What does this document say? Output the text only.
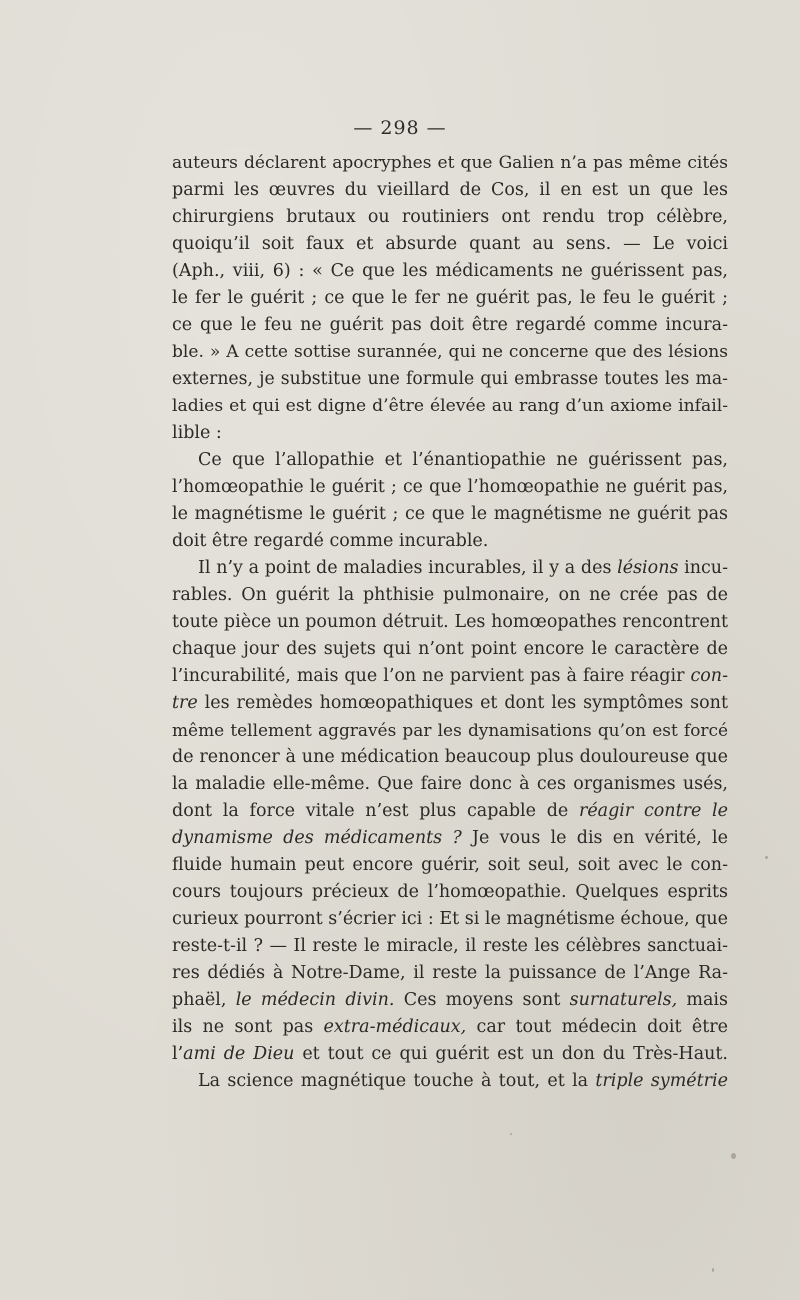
— 298 —
auteurs déclarent apocryphes et que Galien n’a pas même cités
parmi les œuvres du vieillard de Cos, il en est un que les
chirurgiens brutaux ou routiniers ont rendu trop célèbre,
quoiqu’il soit faux et absurde quant au sens. — Le voici
(Aph., viii, 6) : « Ce que les médicaments ne guérissent pas,
le fer le guérit ; ce que le fer ne guérit pas, le feu le guérit ;
ce que le feu ne guérit pas doit être regardé comme incura-
ble. » A cette sottise surannée, qui ne concerne que des lésions
externes, je substitue une formule qui embrasse toutes les ma-
ladies et qui est digne d’être élevée au rang d’un axiome infail-
lible :
Ce que l’allopathie et l’énantiopathie ne guérissent pas,
l’homœopathie le guérit ; ce que l’homœopathie ne guérit pas,
le magnétisme le guérit ; ce que le magnétisme ne guérit pas
doit être regardé comme incurable.
Il n’y a point de maladies incurables, il y a des lésions incu-
rables. On guérit la phthisie pulmonaire, on ne crée pas de
toute pièce un poumon détruit. Les homœopathes rencontrent
chaque jour des sujets qui n’ont point encore le caractère de
l’incurabilité, mais que l’on ne parvient pas à faire réagir con-
tre les remèdes homœopathiques et dont les symptômes sont
même tellement aggravés par les dynamisations qu’on est forcé
de renoncer à une médication beaucoup plus douloureuse que
la maladie elle-même. Que faire donc à ces organismes usés,
dont la force vitale n’est plus capable de réagir contre le
dynamisme des médicaments ? Je vous le dis en vérité, le
fluide humain peut encore guérir, soit seul, soit avec le con-
cours toujours précieux de l’homœopathie. Quelques esprits
curieux pourront s’écrier ici : Et si le magnétisme échoue, que
reste-t-il ? — Il reste le miracle, il reste les célèbres sanctuai-
res dédiés à Notre-Dame, il reste la puissance de l’Ange Ra-
phaël, le médecin divin. Ces moyens sont surnaturels, mais
ils ne sont pas extra-médicaux, car tout médecin doit être
l’ami de Dieu et tout ce qui guérit est un don du Très-Haut.
La science magnétique touche à tout, et la triple symétrie
